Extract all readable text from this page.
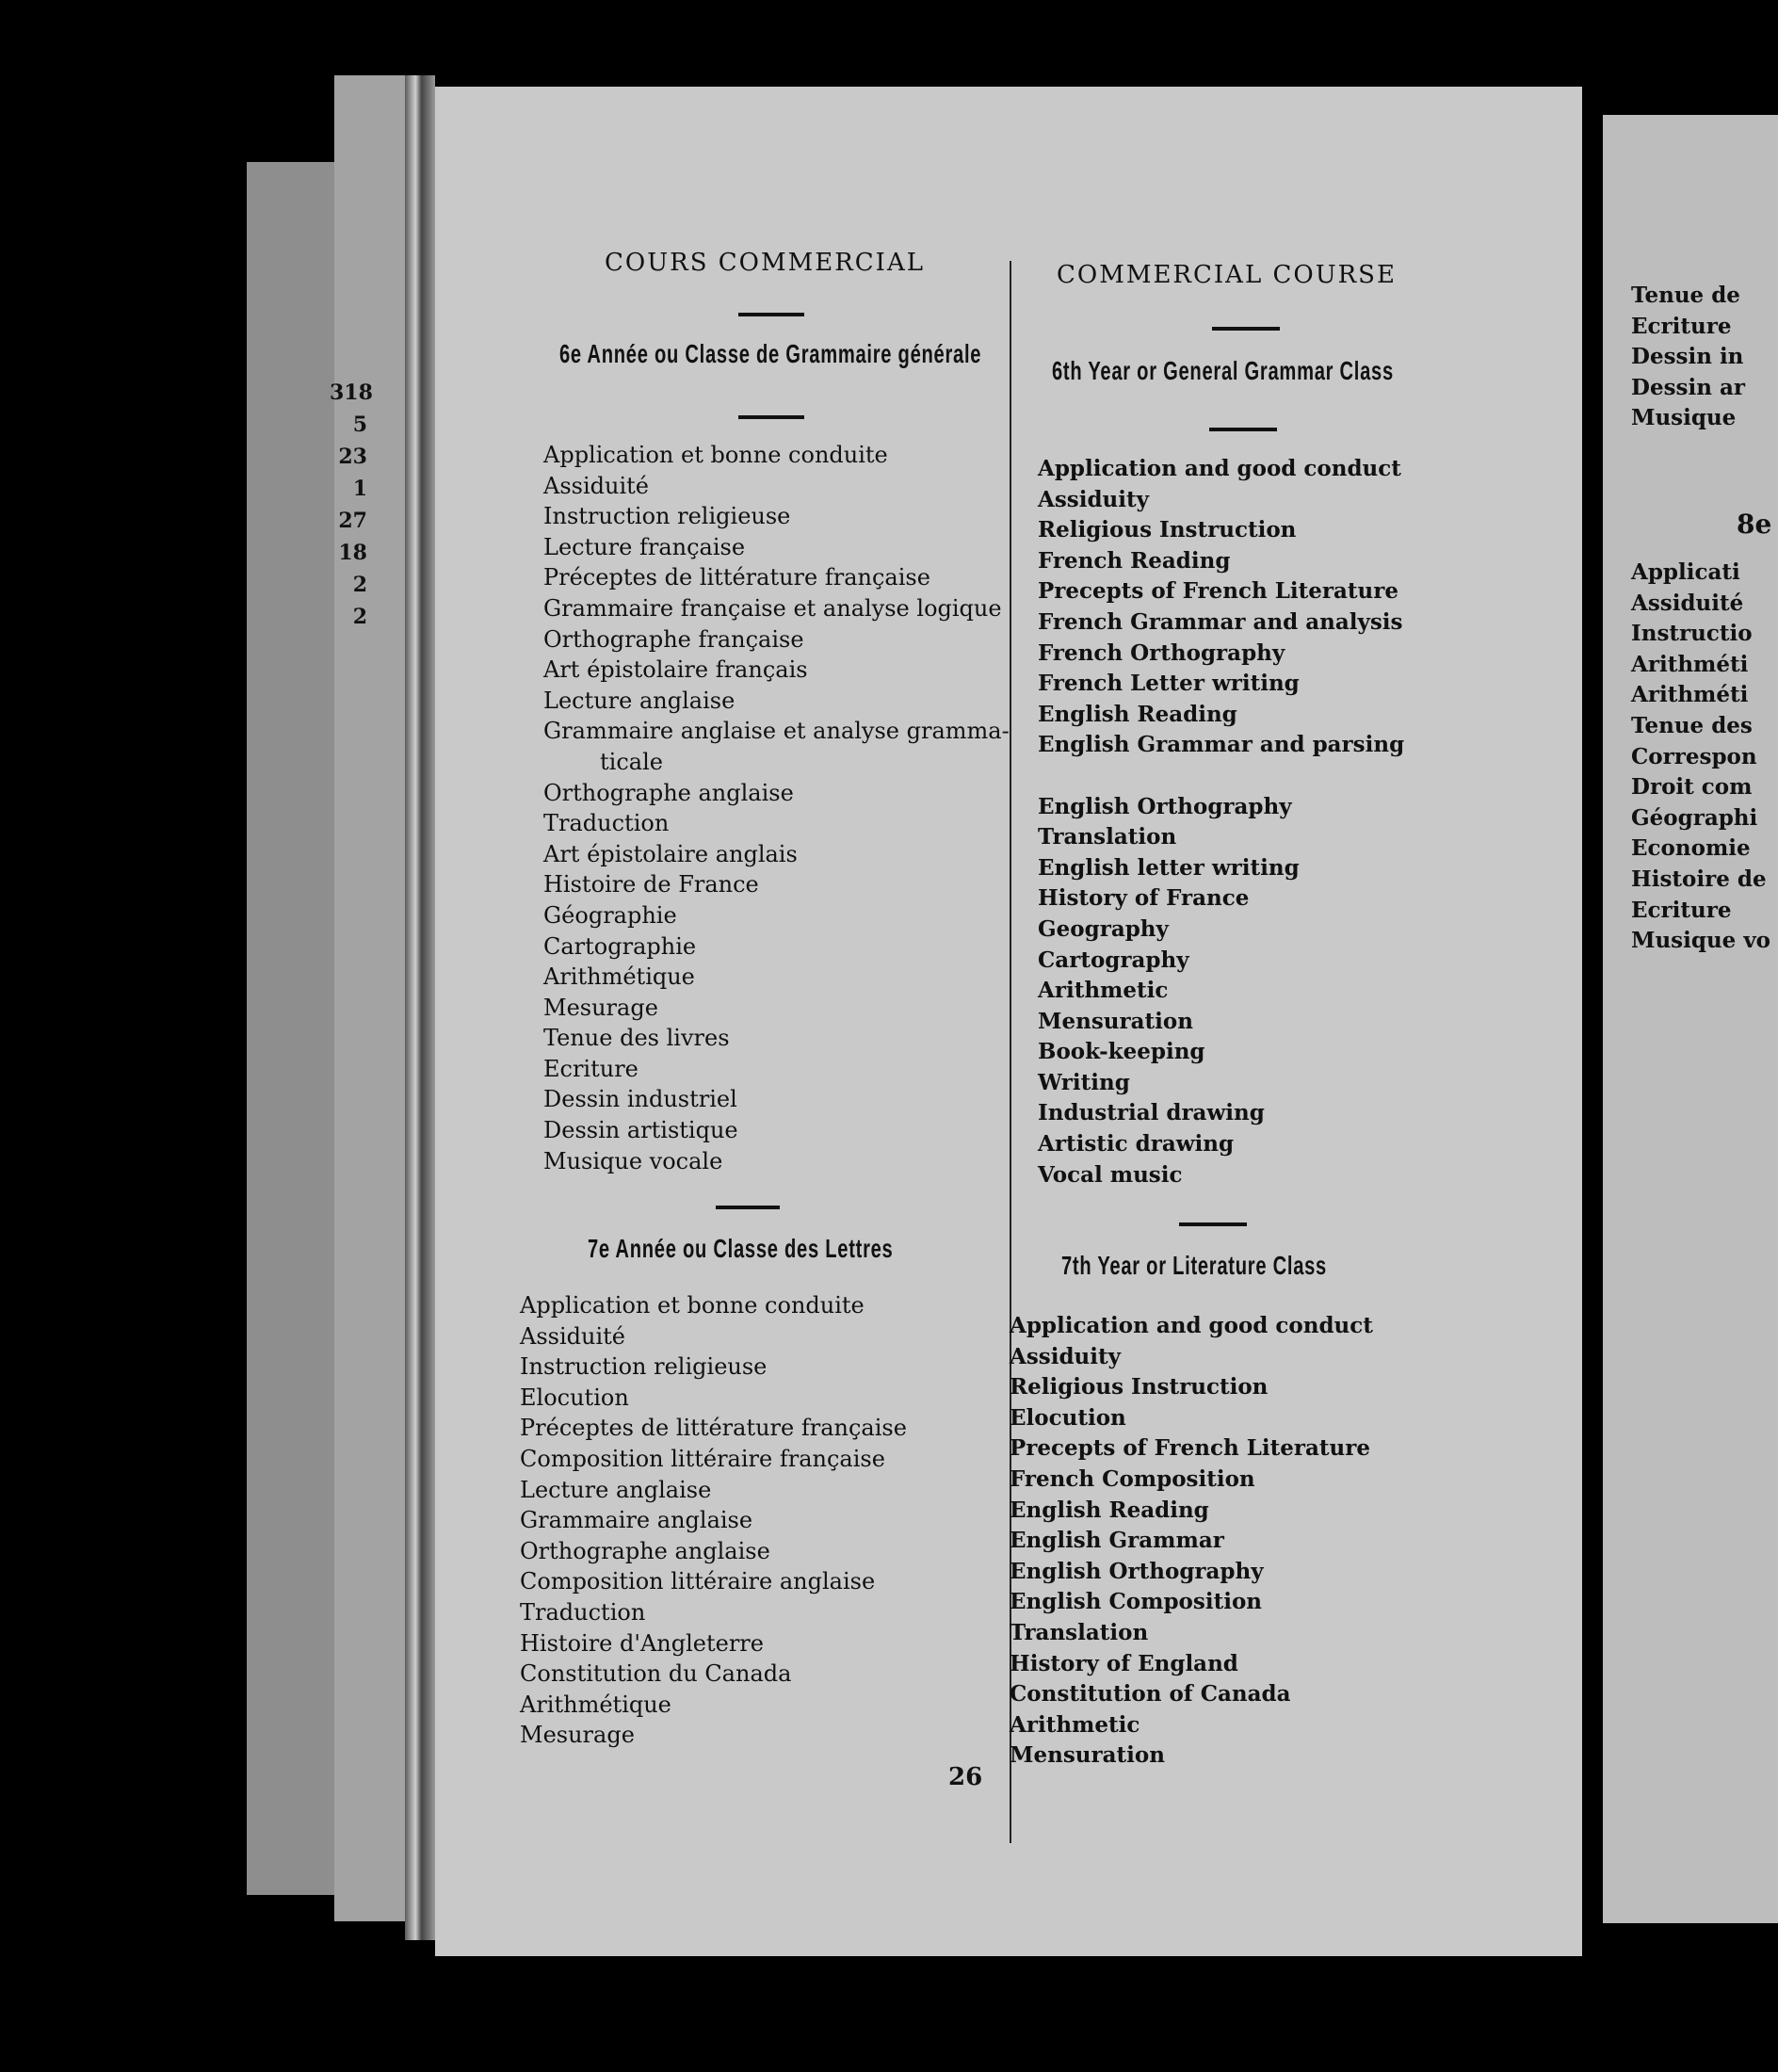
318
5
23
1
27
18
2
2
COURS COMMERCIAL
6e Année ou Classe de Grammaire générale
Application et bonne conduite
Assiduité
Instruction religieuse
Lecture française
Préceptes de littérature française
Grammaire française et analyse logique
Orthographe française
Art épistolaire français
Lecture anglaise
Grammaire anglaise et analyse gramma-
ticale
Orthographe anglaise
Traduction
Art épistolaire anglais
Histoire de France
Géographie
Cartographie
Arithmétique
Mesurage
Tenue des livres
Ecriture
Dessin industriel
Dessin artistique
Musique vocale
7e Année ou Classe des Lettres
Application et bonne conduite
Assiduité
Instruction religieuse
Elocution
Préceptes de littérature française
Composition littéraire française
Lecture anglaise
Grammaire anglaise
Orthographe anglaise
Composition littéraire anglaise
Traduction
Histoire d'Angleterre
Constitution du Canada
Arithmétique
Mesurage
COMMERCIAL COURSE
6th Year or General Grammar Class
Application and good conduct
Assiduity
Religious Instruction
French Reading
Precepts of French Literature
French Grammar and analysis
French Orthography
French Letter writing
English Reading
English Grammar and parsing

English Orthography
Translation
English letter writing
History of France
Geography
Cartography
Arithmetic
Mensuration
Book-keeping
Writing
Industrial drawing
Artistic drawing
Vocal music
7th Year or Literature Class
Application and good conduct
Assiduity
Religious Instruction
Elocution
Precepts of French Literature
French Composition
English Reading
English Grammar
English Orthography
English Composition
Translation
History of England
Constitution of Canada
Arithmetic
Mensuration
26
Tenue de
Ecriture
Dessin in
Dessin ar
Musique
8e
Applicati
Assiduité
Instructio
Arithméti
Arithméti
Tenue des
Correspon
Droit com
Géographi
Economie
Histoire de
Ecriture
Musique vo
